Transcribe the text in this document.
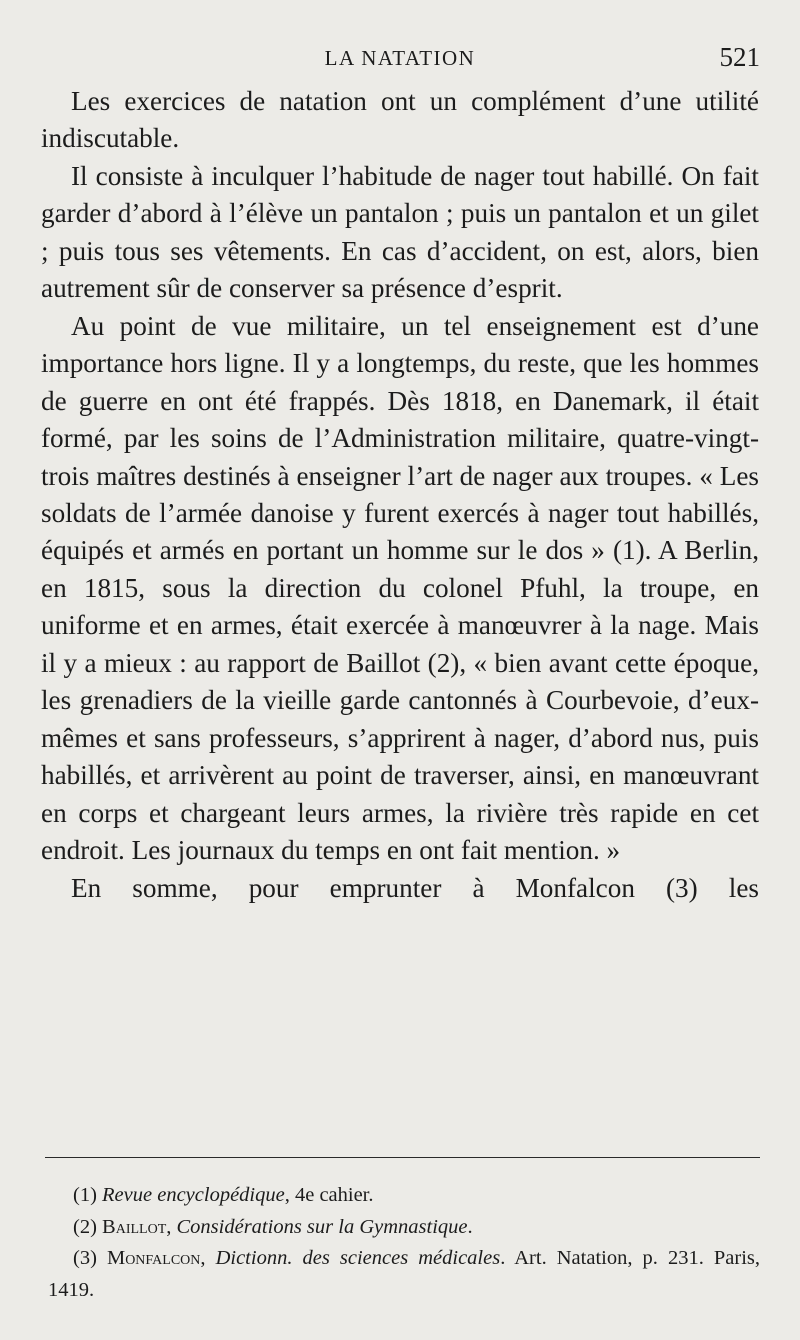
LA NATATION	521

Les exercices de natation ont un complément d’une utilité indiscutable.

Il consiste à inculquer l’habitude de nager tout habillé. On fait garder d’abord à l’élève un pantalon ; puis un pantalon et un gilet ; puis tous ses vêtements. En cas d’accident, on est, alors, bien autrement sûr de conserver sa présence d’esprit.

Au point de vue militaire, un tel enseignement est d’une importance hors ligne. Il y a longtemps, du reste, que les hommes de guerre en ont été frappés. Dès 1818, en Danemark, il était formé, par les soins de l’Administration militaire, quatre-vingt-trois maîtres destinés à enseigner l’art de nager aux troupes. « Les soldats de l’armée danoise y furent exercés à nager tout habillés, équipés et armés en portant un homme sur le dos » (1). A Berlin, en 1815, sous la direction du colonel Pfuhl, la troupe, en uniforme et en armes, était exercée à manœuvrer à la nage. Mais il y a mieux : au rapport de Baillot (2), « bien avant cette époque, les grenadiers de la vieille garde cantonnés à Courbevoie, d’eux-mêmes et sans professeurs, s’apprirent à nager, d’abord nus, puis habillés, et arrivèrent au point de traverser, ainsi, en manœuvrant en corps et chargeant leurs armes, la rivière très rapide en cet endroit. Les journaux du temps en ont fait mention. »

En somme, pour emprunter à Monfalcon (3) les

(1) Revue encyclopédique, 4e cahier.

(2) Baillot, Considérations sur la Gymnastique.

(3) Monfalcon, Dictionn. des sciences médicales. Art. Natation, p. 231. Paris, 1419.
